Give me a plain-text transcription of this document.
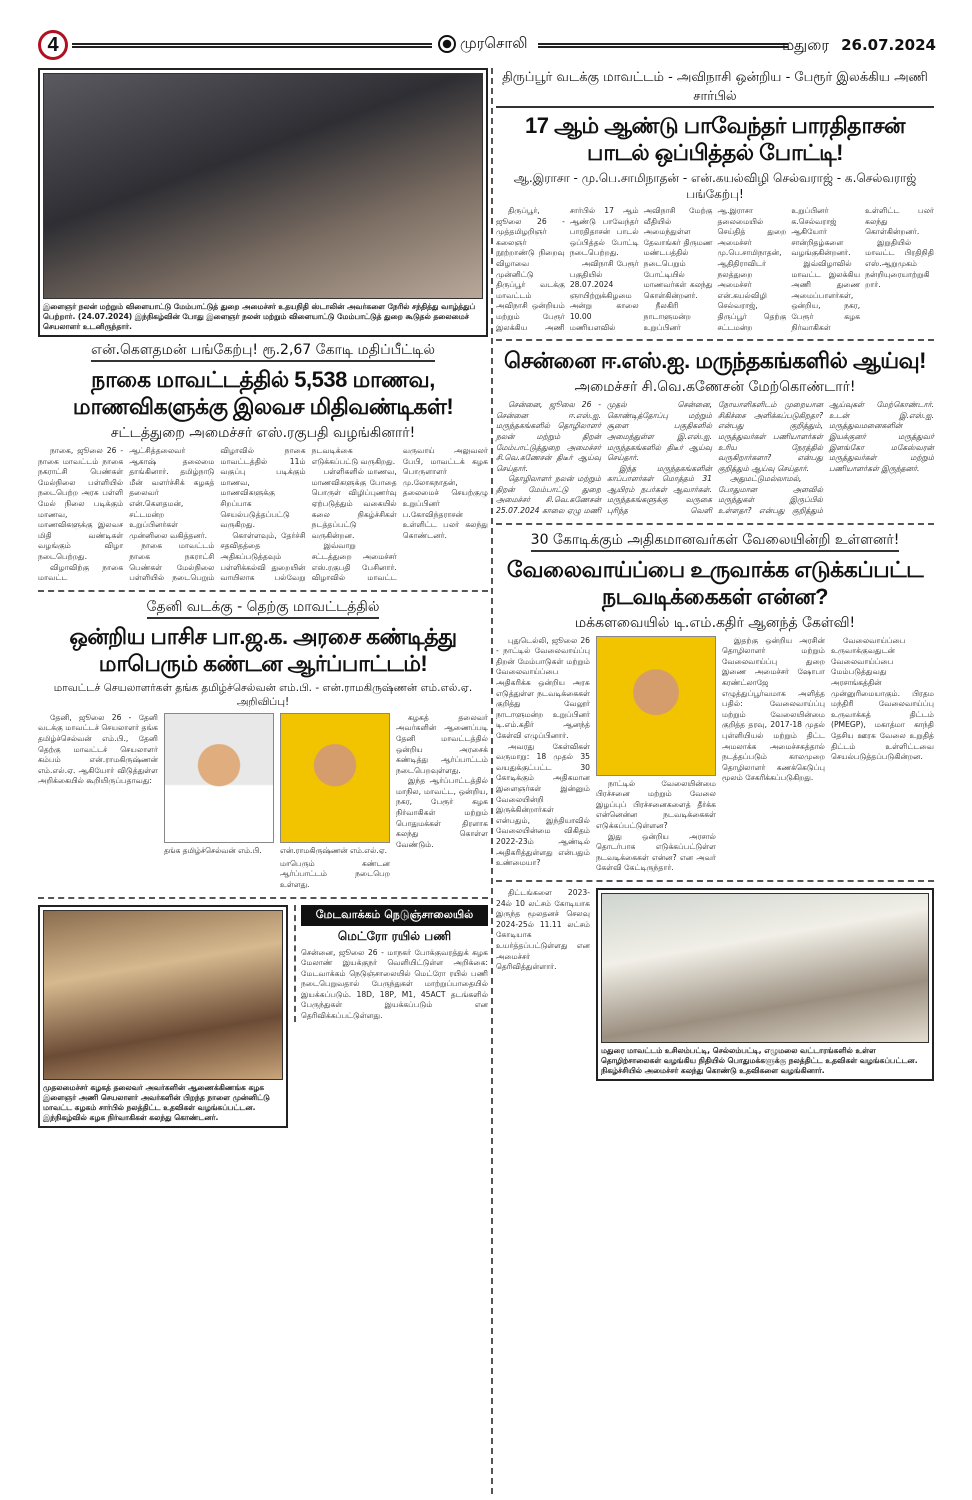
4	முரசொலி	மதுரை 26.07.2024
இளைஞர் நலன் மற்றும் விளையாட்டு மேம்பாட்டுத் துறை அமைச்சர் உதயநிதி ஸ்டாலின் அவர்களை நேரில் சந்தித்து வாழ்த்துப் பெற்றார். (24.07.2024) இந்நிகழ்வின் போது இளைஞர் நலன் மற்றும் விளையாட்டு மேம்பாட்டுத் துறை கூடுதல் தலைமைச் செயலாளர் உடனிருந்தார்.
என்.கௌதமன் பங்கேற்பு! ரூ.2,67 கோடி மதிப்பீட்டில்
நாகை மாவட்டத்தில் 5,538 மாணவ, மாணவிகளுக்கு இலவச மிதிவண்டிகள்!
சட்டத்துறை அமைச்சர் எஸ்.ரகுபதி வழங்கினார்!

நாகை, ஜூலை 26 - நாகை மாவட்டம் நாகை நகராட்சி பெண்கள் மேல்நிலை பள்ளியில் நடைபெற்ற அரசு பள்ளி மேல் நிலை படிக்கும் மாணவ, மாணவிகளுக்கு இலவச மிதி வண்டிகள் வழங்கும் விழா நடைபெற்றது.

விழாவிற்கு நாகை மாவட்ட ஆட்சித்தலைவர் ஆகாஷ் தலைமை தாங்கினார். தமிழ்நாடு மீன் வளர்ச்சிக் கழகத் தலைவர் என்.கௌதமன், சட்டமன்ற உறுப்பினர்கள் முன்னிலை வகித்தனர்.

நாகை மாவட்டம் நாகை நகராட்சி பெண்கள் மேல்நிலை பள்ளியில் நடைபெறும் விழாவில் நாகை மாவட்டத்தில் 11ம் வகுப்பு படிக்கும் மாணவ, மாணவிகளுக்கு சிறப்பாக செயல்படுத்தப்பட்டு வருகிறது.

கொள்ளவும், தேர்ச்சி சதவிதத்தை அதிகப்படுத்தவும் பள்ளிக்கல்வி துறையின் வாயிலாக பல்வேறு நடவடிக்கை எடுக்கப்பட்டு வருகிறது.

பள்ளிகளில் மாணவ, மாணவிகளுக்கு போதை பொருள் விழிப்புணர்வு ஏற்படுத்தும் வகையில் கலை நிகழ்ச்சிகள் நடத்தப்பட்டு வருகின்றன.

இவ்வாறு சட்டத்துறை அமைச்சர் எஸ்.ரகுபதி பேசினார். விழாவில் மாவட்ட வருவாய் அலுவலர் பேபி, மாவட்டக் கழக பொருளாளர் மு.லோகநாதன், தலைமைச் செயற்குழு உறுப்பினர் ப.கோவிந்தராசன் உள்ளிட்ட பலர் கலந்து கொண்டனர்.

தேனி வடக்கு - தெற்கு மாவட்டத்தில்
ஒன்றிய பாசிச பா.ஜ.க. அரசை கண்டித்து மாபெரும் கண்டன ஆர்ப்பாட்டம்!
மாவட்டச் செயலாளர்கள் தங்க தமிழ்ச்செல்வன் எம்.பி. - என்.ராமகிருஷ்ணன் எம்.எல்.ஏ. அறிவிப்பு!

தேனி, ஜூலை 26 - தேனி வடக்கு மாவட்டச் செயலாளர் தங்க தமிழ்ச்செல்வன் எம்.பி., தேனி தெற்கு மாவட்டச் செயலாளர் கம்பம் என்.ராமகிருஷ்ணன் எம்.எல்.ஏ. ஆகியோர் விடுத்துள்ள அறிக்கையில் கூறியிருப்பதாவது:

தங்க தமிழ்ச்செல்வன் எம்.பி.	என்.ராமகிருஷ்ணன் எம்.எல்.ஏ.
மாபெரும் கண்டன ஆர்ப்பாட்டம் நடைபெற உள்ளது.

கழகத் தலைவர் அவர்களின் ஆணைப்படி தேனி மாவட்டத்தில் ஒன்றிய அரசைக் கண்டித்து ஆர்ப்பாட்டம் நடைபெறவுள்ளது.

இந்த ஆர்ப்பாட்டத்தில் மாநில, மாவட்ட, ஒன்றிய, நகர, பேரூர் கழக நிர்வாகிகள் மற்றும் பொதுமக்கள் திரளாக கலந்து கொள்ள வேண்டும்.

முதலமைச்சர் கழகத் தலைவர் அவர்களின் ஆணைக்கிணங்க கழக இளைஞர் அணி செயலாளர் அவர்களின் பிறந்த நாளை முன்னிட்டு மாவட்ட கழகம் சார்பில் நலத்திட்ட உதவிகள் வழங்கப்பட்டன. இந்நிகழ்வில் கழக நிர்வாகிகள் கலந்து கொண்டனர்.
மேடவாக்கம் நெடுஞ்சாலையில்
மெட்ரோ ரயில் பணி
சென்னை, ஜூலை 26 - மாநகர் போக்குவரத்துக் கழக மேலாண் இயக்குநர் வெளியிட்டுள்ள அறிக்கை: மேடவாக்கம் நெடுஞ்சாலையில் மெட்ரோ ரயில் பணி நடைபெறுவதால் பேருந்துகள் மாற்றுப்பாதையில் இயக்கப்படும். 18D, 18P, M1, 45ACT தடங்களில் பேருந்துகள் இயக்கப்படும் என தெரிவிக்கப்பட்டுள்ளது.
திருப்பூர் வடக்கு மாவட்டம் - அவிநாசி ஒன்றிய - பேரூர் இலக்கிய அணி சார்பில்
17 ஆம் ஆண்டு பாவேந்தர் பாரதிதாசன் பாடல் ஒப்பித்தல் போட்டி!
ஆ.இராசா - மு.பெ.சாமிநாதன் - என்.கயல்விழி செல்வராஜ் - க.செல்வராஜ் பங்கேற்பு!

திருப்பூர், ஜூலை 26 - முத்தமிழறிஞர் கலைஞர் நூற்றாண்டு நிறைவு விழாவை முன்னிட்டு திருப்பூர் வடக்கு மாவட்டம் அவிநாசி ஒன்றியம் மற்றும் பேரூர் இலக்கிய அணி சார்பில் 17 ஆம் ஆண்டு பாவேந்தர் பாரதிதாசன் பாடல் ஒப்பித்தல் போட்டி நடைபெற்றது.

அவிநாசி பேரூர் பகுதியில் 28.07.2024 ஞாயிற்றுக்கிழமை அன்று காலை 10.00 மணியளவில் அவிநாசி மேற்கு வீதியில் அமைந்துள்ள தேவாங்கர் திருமண மண்டபத்தில் நடைபெறும் போட்டியில் மாணவர்கள் கலந்து கொள்கின்றனர்.

நீலகிரி நாடாளுமன்ற உறுப்பினர் ஆ.இராசா தலைமையில் செய்தித் துறை அமைச்சர் மு.பெ.சாமிநாதன், ஆதிதிராவிடர் நலத்துறை அமைச்சர் என்.கயல்விழி செல்வராஜ், திருப்பூர் தெற்கு சட்டமன்ற உறுப்பினர் க.செல்வராஜ் ஆகியோர் சான்றிதழ்களை வழங்குகின்றனர்.

இவ்விழாவில் மாவட்ட இலக்கிய அணி துணை அமைப்பாளர்கள், ஒன்றிய, நகர, பேரூர் கழக நிர்வாகிகள் உள்ளிட்ட பலர் கலந்து கொள்கின்றனர்.

இறுதியில் மாவட்ட பிரதிநிதி எஸ்.ஆறுமுகம் நன்றியுரையாற்றுகிறார்.

சென்னை ஈ.எஸ்.ஐ. மருந்தகங்களில் ஆய்வு!
அமைச்சர் சி.வெ.கணேசன் மேற்கொண்டார்!

சென்னை, ஜூலை 26 - சென்னை ஈ.எஸ்.ஐ. மருந்தகங்களில் தொழிலாளர் நலன் மற்றும் திறன் மேம்பாட்டுத்துறை அமைச்சர் சி.வெ.கணேசன் திடீர் ஆய்வு செய்தார்.

தொழிலாளர் நலன் மற்றும் திறன் மேம்பாட்டு துறை அமைச்சர் சி.வெ.கணேசன் 25.07.2024 காலை ஏழு மணி முதல் சென்னை, கொண்டித்தோப்பு மற்றும் சூளை பகுதிகளில் அமைந்துள்ள இ.எஸ்.ஐ. மருந்தகங்களில் திடீர் ஆய்வு செய்தார்.

இந்த மருந்தகங்களின் காப்பாளர்கள் மொத்தம் 31 ஆயிரம் நபர்கள் ஆவார்கள். மருந்தகங்களுக்கு வருகை புரிந்த வெளி நோயாளிகளிடம் முறையான சிகிச்சை அளிக்கப்படுகிறதா? என்பது குறித்தும், மருத்துவர்கள் பணியாளர்கள் உரிய நேரத்தில் வருகிறார்களா? என்பது குறித்தும் ஆய்வு செய்தார்.

அதுமட்டுமல்லாமல், போதுமான அளவில் மருந்துகள் இருப்பில் உள்ளதா? என்பது குறித்தும் ஆய்வுகள் மேற்கொண்டார். உடன் இ.எஸ்.ஐ. மருத்துவமனைகளின் இயக்குனர் மருத்துவர் இளங்கோ மகேஸ்வரன் மருத்துவர்கள் மற்றும் பணியாளர்கள் இருந்தனர்.

30 கோடிக்கும் அதிகமானவர்கள் வேலையின்றி உள்ளனர்!
வேலைவாய்ப்பை உருவாக்க எடுக்கப்பட்ட நடவடிக்கைகள் என்ன?
மக்களவையில் டி.எம்.கதிர் ஆனந்த் கேள்வி!

புதுடெல்லி, ஜூலை 26 - நாட்டில் வேலைவாய்ப்பு திறன் மேம்பாடுகள் மற்றும் வேலைவாய்ப்பை அதிகரிக்க ஒன்றிய அரசு எடுத்துள்ள நடவடிக்கைகள் குறித்து வேலூர் நாடாளுமன்ற உறுப்பினர் டி.எம்.கதிர் ஆனந்த் கேள்வி எழுப்பினார்.

அவரது கேள்விகள் வருமாறு: 18 முதல் 35 வயதுக்குட்பட்ட 30 கோடிக்கும் அதிகமான இளைஞர்கள் இன்னும் வேலையின்றி இருக்கின்றார்கள் என்பதும், இந்தியாவில் வேலையின்மை விகிதம் 2022-23ம் ஆண்டில் அதிகரித்துள்ளது என்பதும் உண்மையா?

நாட்டில் வேலையின்மை பிரச்சனை மற்றும் வேலை இழப்புப் பிரச்சனைகளைத் தீர்க்க என்னென்ன நடவடிக்கைகள் எடுக்கப்பட்டுள்ளன?

இது ஒன்றிய அரசால் தொடர்பாக எடுக்கப்பட்டுள்ள நடவடிக்கைகள் என்ன? என அவர் கேள்வி கேட்டிருந்தார்.

இதற்கு ஒன்றிய அரசின் தொழிலாளர் மற்றும் வேலைவாய்ப்பு துறை இணை அமைச்சர் ஷோபா கரண்ட்லாஜே எழுத்துப்பூர்வமாக அளித்த பதில்: வேலைவாய்ப்பு மற்றும் வேலையின்மை குறித்த தரவு, 2017-18 முதல் புள்ளியியல் மற்றும் திட்ட அமலாக்க அமைச்சகத்தால் நடத்தப்படும் காலமுறை தொழிலாளர் கணக்கெடுப்பு மூலம் சேகரிக்கப்படுகிறது.

வேலைவாய்ப்பை உருவாக்குவதுடன் வேலைவாய்ப்பை மேம்படுத்துவது அரசாங்கத்தின் முன்னுரிமையாகும். பிரதம மந்திரி வேலைவாய்ப்பு உருவாக்கத் திட்டம் (PMEGP), மகாத்மா காந்தி தேசிய ஊரக வேலை உறுதித் திட்டம் உள்ளிட்டவை செயல்படுத்தப்படுகின்றன.

திட்டங்களை 2023-24ல் 10 லட்சம் கோடியாக இருந்த மூலதனச் செலவு 2024-25ல் 11.11 லட்சம் கோடியாக உயர்த்தப்பட்டுள்ளது என அமைச்சர் தெரிவித்துள்ளார்.

மதுரை மாவட்டம் உசிலம்பட்டி, செல்லம்பட்டி, எழுமலை வட்டாரங்களில் உள்ள தொழிற்சாலைகள் வழங்கிய நிதியில் பொதுமக்களுக்கு நலத்திட்ட உதவிகள் வழங்கப்பட்டன. நிகழ்ச்சியில் அமைச்சர் கலந்து கொண்டு உதவிகளை வழங்கினார்.
